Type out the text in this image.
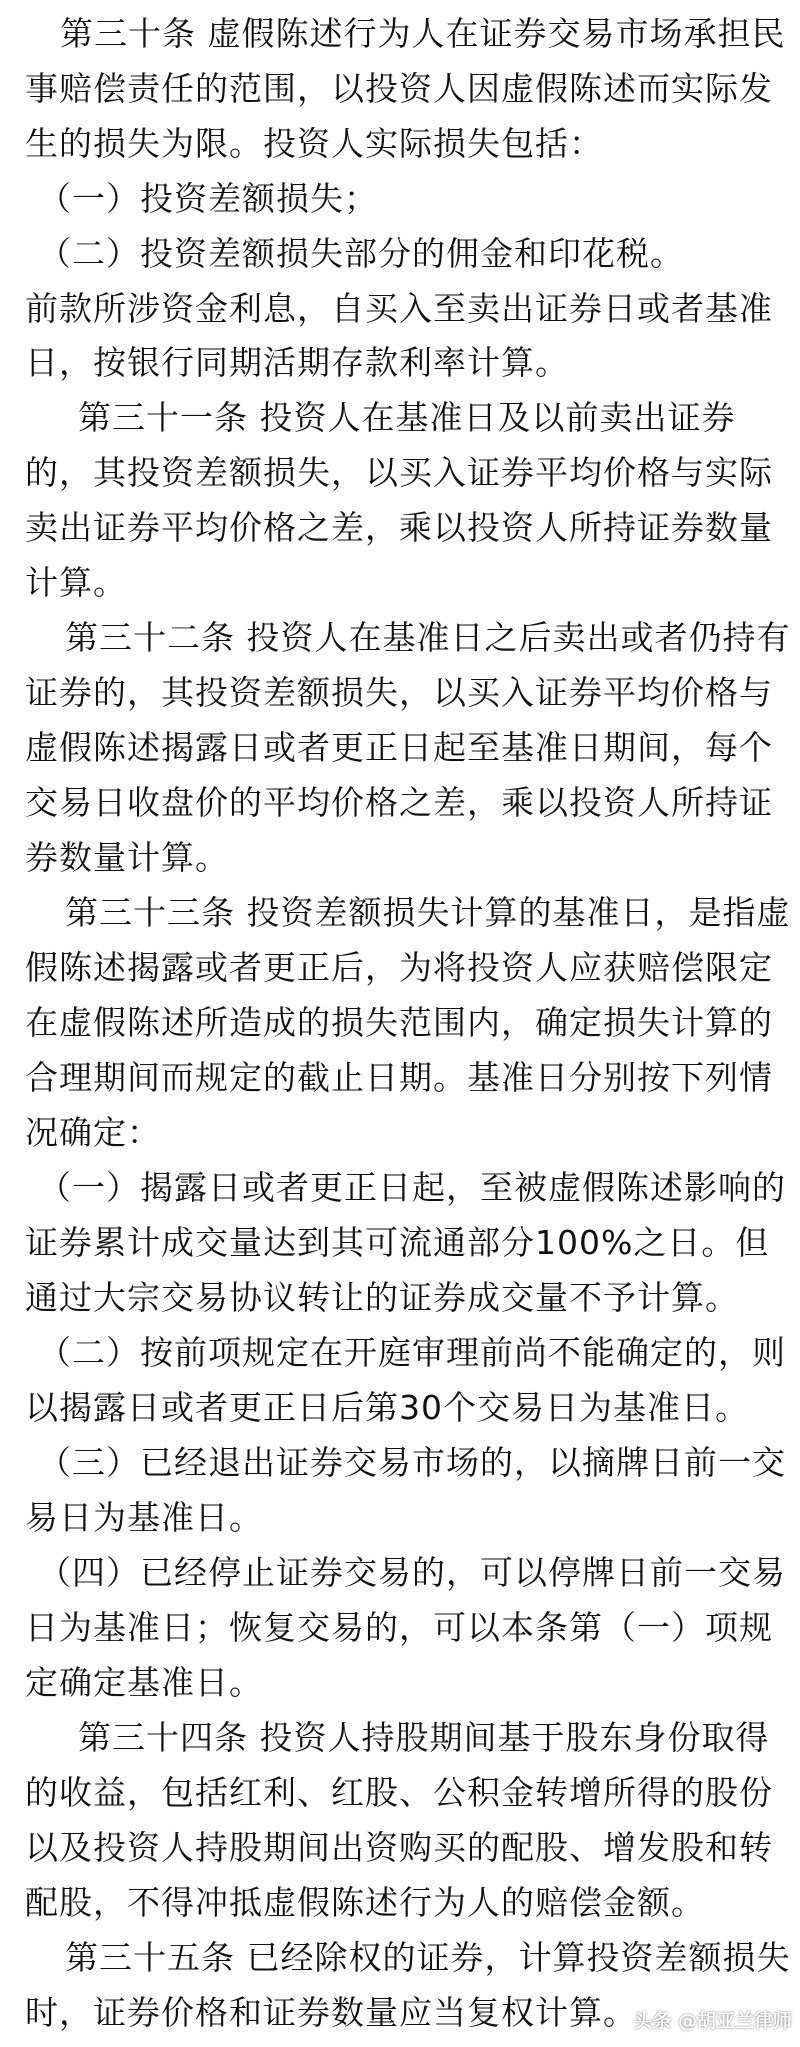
第三十条 虚假陈述行为人在证券交易市场承担民
事赔偿责任的范围，以投资人因虚假陈述而实际发
生的损失为限。投资人实际损失包括：
（一）投资差额损失；
（二）投资差额损失部分的佣金和印花税。
前款所涉资金利息，自买入至卖出证券日或者基准
日，按银行同期活期存款利率计算。
第三十一条 投资人在基准日及以前卖出证券
的，其投资差额损失，以买入证券平均价格与实际
卖出证券平均价格之差，乘以投资人所持证券数量
计算。
第三十二条 投资人在基准日之后卖出或者仍持有
证券的，其投资差额损失，以买入证券平均价格与
虚假陈述揭露日或者更正日起至基准日期间，每个
交易日收盘价的平均价格之差，乘以投资人所持证
券数量计算。
第三十三条 投资差额损失计算的基准日，是指虚
假陈述揭露或者更正后，为将投资人应获赔偿限定
在虚假陈述所造成的损失范围内，确定损失计算的
合理期间而规定的截止日期。基准日分别按下列情
况确定：
（一）揭露日或者更正日起，至被虚假陈述影响的
证券累计成交量达到其可流通部分100%之日。但
通过大宗交易协议转让的证券成交量不予计算。
（二）按前项规定在开庭审理前尚不能确定的，则
以揭露日或者更正日后第30个交易日为基准日。
（三）已经退出证券交易市场的，以摘牌日前一交
易日为基准日。
（四）已经停止证券交易的，可以停牌日前一交易
日为基准日；恢复交易的，可以本条第（一）项规
定确定基准日。
第三十四条 投资人持股期间基于股东身份取得
的收益，包括红利、红股、公积金转增所得的股份
以及投资人持股期间出资购买的配股、增发股和转
配股，不得冲抵虚假陈述行为人的赔偿金额。
第三十五条 已经除权的证券，计算投资差额损失
时，证券价格和证券数量应当复权计算。
头条 @胡亚兰律师
